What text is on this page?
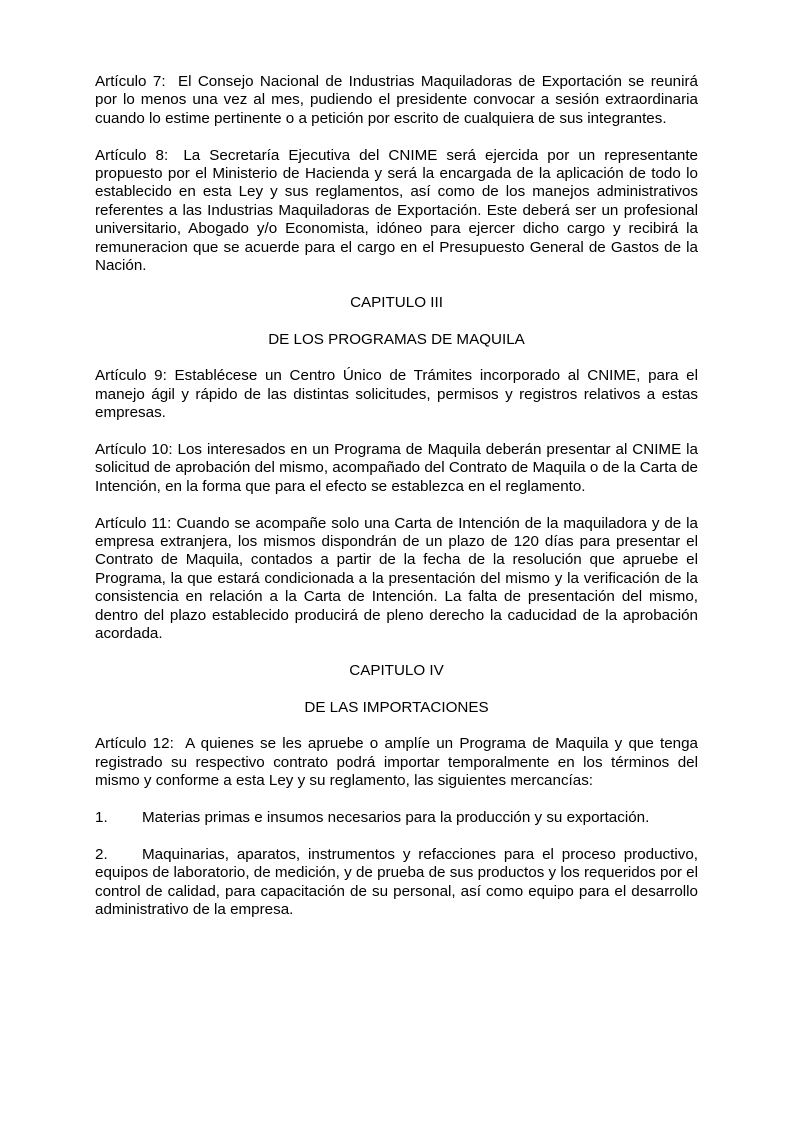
Artículo 7: El Consejo Nacional de Industrias Maquiladoras de Exportación se reunirá por lo menos una vez al mes, pudiendo el presidente convocar a sesión extraordinaria cuando lo estime pertinente o a petición por escrito de cualquiera de sus integrantes.

Artículo 8: La Secretaría Ejecutiva del CNIME será ejercida por un representante propuesto por el Ministerio de Hacienda y será la encargada de la aplicación de todo lo establecido en esta Ley y sus reglamentos, así como de los manejos administrativos referentes a las Industrias Maquiladoras de Exportación. Este deberá ser un profesional universitario, Abogado y/o Economista, idóneo para ejercer dicho cargo y recibirá la remuneracion que se acuerde para el cargo en el Presupuesto General de Gastos de la Nación.

CAPITULO III

DE LOS PROGRAMAS DE MAQUILA

Artículo 9: Establécese un Centro Único de Trámites incorporado al CNIME, para el manejo ágil y rápido de las distintas solicitudes, permisos y registros relativos a estas empresas.

Artículo 10: Los interesados en un Programa de Maquila deberán presentar al CNIME la solicitud de aprobación del mismo, acompañado del Contrato de Maquila o de la Carta de Intención, en la forma que para el efecto se establezca en el reglamento.

Artículo 11: Cuando se acompañe solo una Carta de Intención de la maquiladora y de la empresa extranjera, los mismos dispondrán de un plazo de 120 días para presentar el Contrato de Maquila, contados a partir de la fecha de la resolución que apruebe el Programa, la que estará condicionada a la presentación del mismo y la verificación de la consistencia en relación a la Carta de Intención. La falta de presentación del mismo, dentro del plazo establecido producirá de pleno derecho la caducidad de la aprobación acordada.

CAPITULO IV

DE LAS IMPORTACIONES

Artículo 12: A quienes se les apruebe o amplíe un Programa de Maquila y que tenga registrado su respectivo contrato podrá importar temporalmente en los términos del mismo y conforme a esta Ley y su reglamento, las siguientes mercancías:

1. Materias primas e insumos necesarios para la producción y su exportación.

2. Maquinarias, aparatos, instrumentos y refacciones para el proceso productivo, equipos de laboratorio, de medición, y de prueba de sus productos y los requeridos por el control de calidad, para capacitación de su personal, así como equipo para el desarrollo administrativo de la empresa.
